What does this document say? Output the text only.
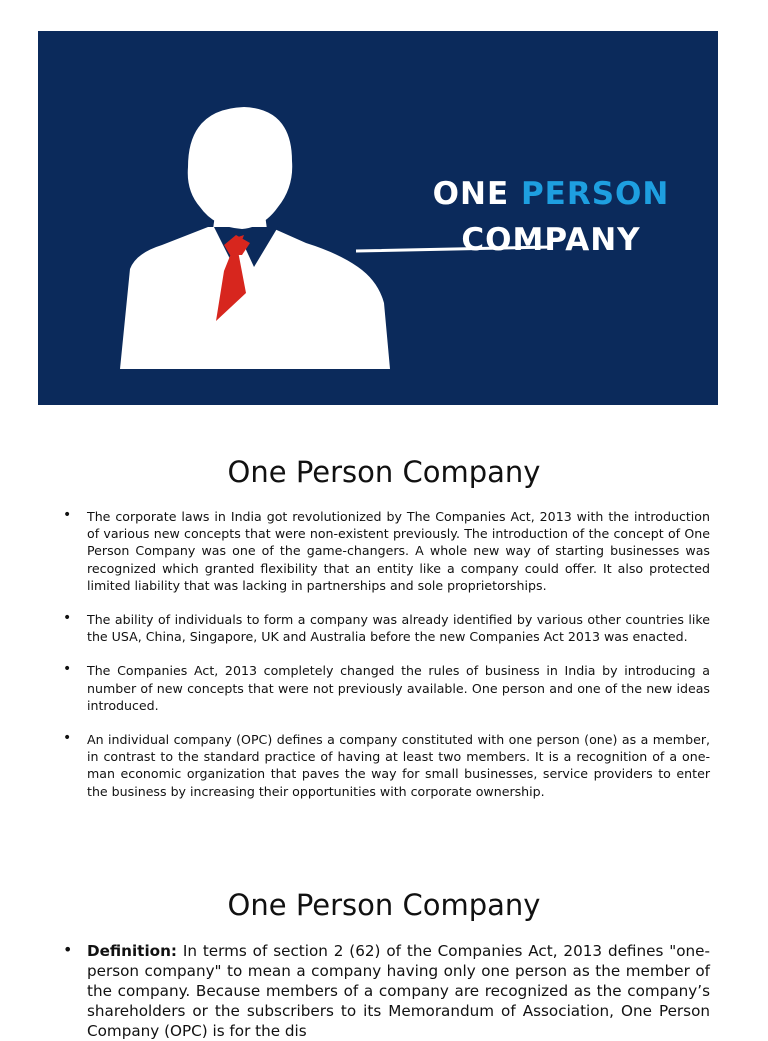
ONE PERSON
COMPANY
One Person Company
• The corporate laws in India got revolutionized by The Companies Act, 2013 with the introduction of various new concepts that were non-existent previously. The introduction of the concept of One Person Company was one of the game-changers. A whole new way of starting businesses was recognized which granted flexibility that an entity like a company could offer. It also protected limited liability that was lacking in partnerships and sole proprietorships.
• The ability of individuals to form a company was already identified by various other countries like the USA, China, Singapore, UK and Australia before the new Companies Act 2013 was enacted.
• The Companies Act, 2013 completely changed the rules of business in India by introducing a number of new concepts that were not previously available. One person and one of the new ideas introduced.
• An individual company (OPC) defines a company constituted with one person (one) as a member, in contrast to the standard practice of having at least two members. It is a recognition of a one-man economic organization that paves the way for small businesses, service providers to enter the business by increasing their opportunities with corporate ownership.
One Person Company
• Definition: In terms of section 2 (62) of the Companies Act, 2013 defines "one-person company" to mean a company having only one person as the member of the company. Because members of a company are recognized as the company’s shareholders or the subscribers to its Memorandum of Association, One Person Company (OPC) is for the dis
